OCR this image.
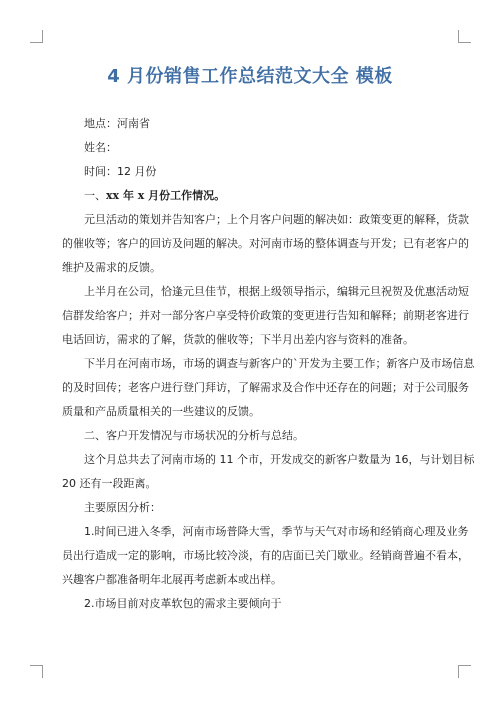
4 月份销售工作总结范文大全 模板
地点：河南省
姓名：
时间：12 月份
一、xx 年 x 月份工作情况。
元旦活动的策划并告知客户；上个月客户问题的解决如：政策变更的解释，货款
的催收等；客户的回访及问题的解决。对河南市场的整体调查与开发；已有老客户的
维护及需求的反馈。
上半月在公司，恰逢元旦佳节，根据上级领导指示，编辑元旦祝贺及优惠活动短
信群发给客户；并对一部分客户享受特价政策的变更进行告知和解释；前期老客进行
电话回访，需求的了解，货款的催收等；下半月出差内容与资料的准备。
下半月在河南市场，市场的调查与新客户的`开发为主要工作；新客户及市场信息
的及时回传；老客户进行登门拜访，了解需求及合作中还存在的问题；对于公司服务
质量和产品质量相关的一些建议的反馈。
二、客户开发情况与市场状况的分析与总结。
这个月总共去了河南市场的 11 个市，开发成交的新客户数量为 16，与计划目标
20 还有一段距离。
主要原因分析：
1.时间已进入冬季，河南市场普降大雪，季节与天气对市场和经销商心理及业务
员出行造成一定的影响，市场比较冷淡，有的店面已关门歇业。经销商普遍不看本，
兴趣客户都准备明年北展再考虑新本或出样。
2.市场目前对皮革软包的需求主要倾向于
